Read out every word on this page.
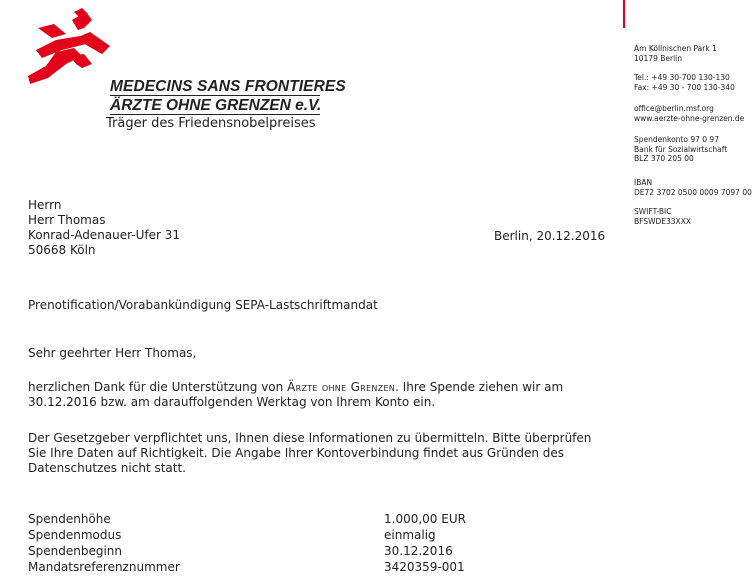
MEDECINS SANS FRONTIERES
ÄRZTE OHNE GRENZEN e.V.
Träger des Friedensnobelpreises
Am Köllnischen Park 1
10179 Berlin
Tel.: +49 30-700 130-130
Fax: +49 30 - 700 130-340
office@berlin.msf.org
www.aerzte-ohne-grenzen.de
Spendenkonto 97 0 97
Bank für Sozialwirtschaft
BLZ 370 205 00
IBAN
DE72 3702 0500 0009 7097 00
SWIFT-BIC
BFSWDE33XXX
Herrn
Herr Thomas
Konrad-Adenauer-Ufer 31
50668 Köln
Berlin, 20.12.2016
Prenotification/Vorabankündigung SEPA-Lastschriftmandat
Sehr geehrter Herr Thomas,
herzlichen Dank für die Unterstützung von Ärzte ohne Grenzen. Ihre Spende ziehen wir am
30.12.2016 bzw. am darauffolgenden Werktag von Ihrem Konto ein.
Der Gesetzgeber verpflichtet uns, Ihnen diese Informationen zu übermitteln. Bitte überprüfen
Sie Ihre Daten auf Richtigkeit. Die Angabe Ihrer Kontoverbindung findet aus Gründen des
Datenschutzes nicht statt.
Spendenhöhe	1.000,00 EUR
Spendenmodus	einmalig
Spendenbeginn	30.12.2016
Mandatsreferenznummer	3420359-001
